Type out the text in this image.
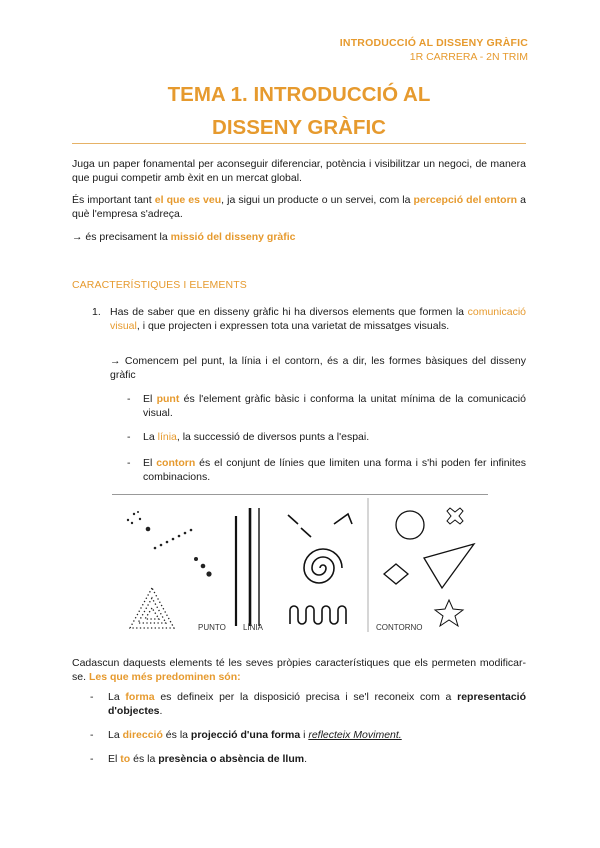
INTRODUCCIÓ AL DISSENY GRÀFIC
1R CARRERA - 2N TRIM
TEMA 1. INTRODUCCIÓ AL
DISSENY GRÀFIC

Juga un paper fonamental per aconseguir diferenciar, potència i visibilitzar un negoci, de manera que pugui competir amb èxit en un mercat global.

És important tant el que es veu, ja sigui un producte o un servei, com la percepció del entorn a què l'empresa s'adreça.

→ és precisament la missió del disseny gràfic

CARACTERÍSTIQUES I ELEMENTS
1. Has de saber que en disseny gràfic hi ha diversos elements que formen la comunicació visual, i que projecten i expressen tota una varietat de missatges visuals.

→ Comencem pel punt, la línia i el contorn, és a dir, les formes bàsiques del disseny gràfic

- El punt és l'element gràfic bàsic i conforma la unitat mínima de la comunicació visual.

- La línia, la successió de diversos punts a l'espai.

- El contorn és el conjunt de línies que limiten una forma i s'hi poden fer infinites combinacions.

PUNTO LÍNIA	CONTORNO

Cadascun daquests elements té les seves pròpies característiques que els permeten modificar-se. Les que més predominen són:

- La forma es defineix per la disposició precisa i se'l reconeix com a representació d'objectes.

- La direcció és la projecció d'una forma i reflecteix Moviment.

- El to és la presència o absència de llum.
